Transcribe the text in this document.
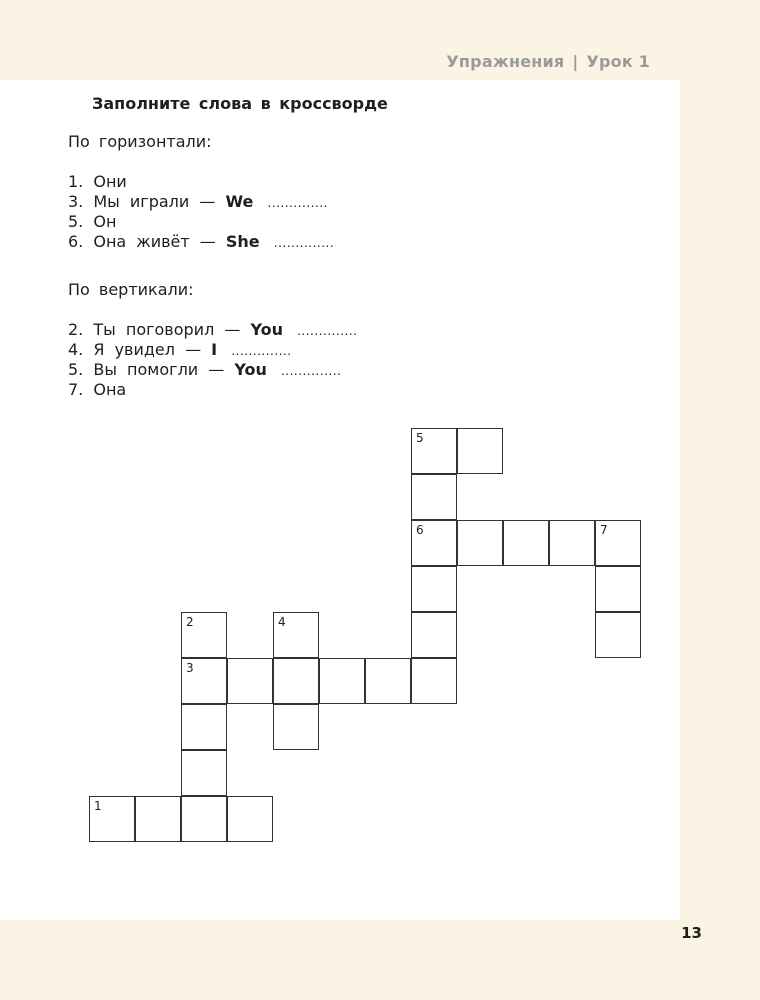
Упражнения | Урок 1
Заполните слова в кроссворде
По горизонтали:
1. Они
3. Мы играли — We ..............
5. Он
6. Она живёт — She ..............
По вертикали:
2. Ты поговорил — You ..............
4. Я увидел — I ..............
5. Вы помогли — You ..............
7. Она
5
6	7
2	4
3
1
13
